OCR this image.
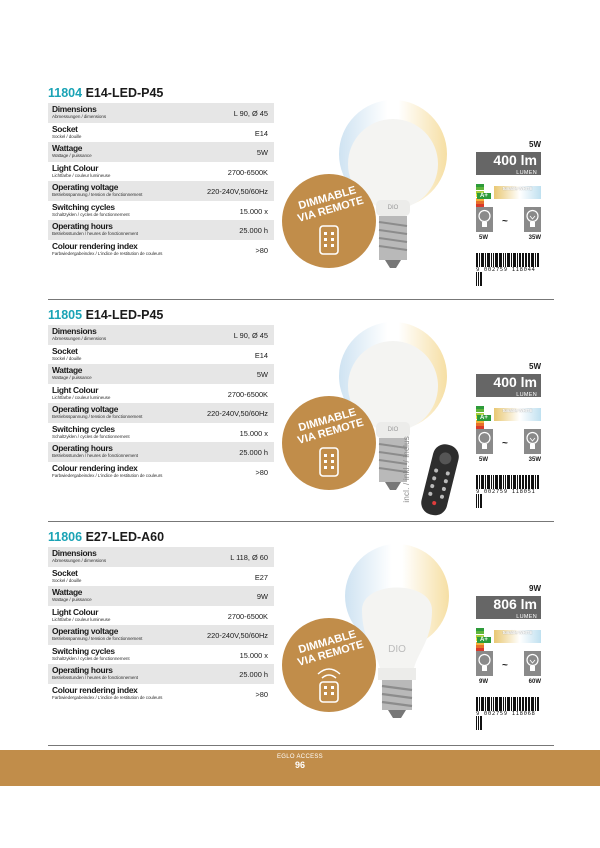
11804 E14-LED-P45
Dimensions
Abmessungen / dimensions	L 90, Ø 45
Socket
Sockel / douille	E14
Wattage
Wattage / puissance	5W
Light Colour
Lichtfarbe / couleur lumineuse	2700-6500K
Operating voltage
Betriebsspannung / tension de fonctionnement	220-240V,50/60Hz
Switching cycles
Schaltzyklen / cycles de fonctionnement	15.000 x
Operating hours
Betriebsstunden / heures de fonctionnement	25.000 h
Colour rendering index
Farbwiedergabeindex / L'indice de restitution de couleurs	>80
DIO
DIMMABLE
VIA REMOTE
5W
400 lm
LUMEN
A+
tunable WHITE
~
5W	35W
9 002759 118044
11805 E14-LED-P45
Dimensions
Abmessungen / dimensions	L 90, Ø 45
Socket
Sockel / douille	E14
Wattage
Wattage / puissance	5W
Light Colour
Lichtfarbe / couleur lumineuse	2700-6500K
Operating voltage
Betriebsspannung / tension de fonctionnement	220-240V,50/60Hz
Switching cycles
Schaltzyklen / cycles de fonctionnement	15.000 x
Operating hours
Betriebsstunden / heures de fonctionnement	25.000 h
Colour rendering index
Farbwiedergabeindex / L'indice de restitution de couleurs	>80
DIO
DIMMABLE
VIA REMOTE
incl. / inkl. / inclus
5W
400 lm
LUMEN
A+
tunable WHITE
~
5W	35W
9 002759 118051
11806 E27-LED-A60
Dimensions
Abmessungen / dimensions	L 118, Ø 60
Socket
Sockel / douille	E27
Wattage
Wattage / puissance	9W
Light Colour
Lichtfarbe / couleur lumineuse	2700-6500K
Operating voltage
Betriebsspannung / tension de fonctionnement	220-240V,50/60Hz
Switching cycles
Schaltzyklen / cycles de fonctionnement	15.000 x
Operating hours
Betriebsstunden / heures de fonctionnement	25.000 h
Colour rendering index
Farbwiedergabeindex / L'indice de restitution de couleurs	>80
DIO
DIMMABLE
VIA REMOTE
9W
806 lm
LUMEN
A+
tunable WHITE
~
9W	60W
9 002759 118068
EGLO ACCESS
96
